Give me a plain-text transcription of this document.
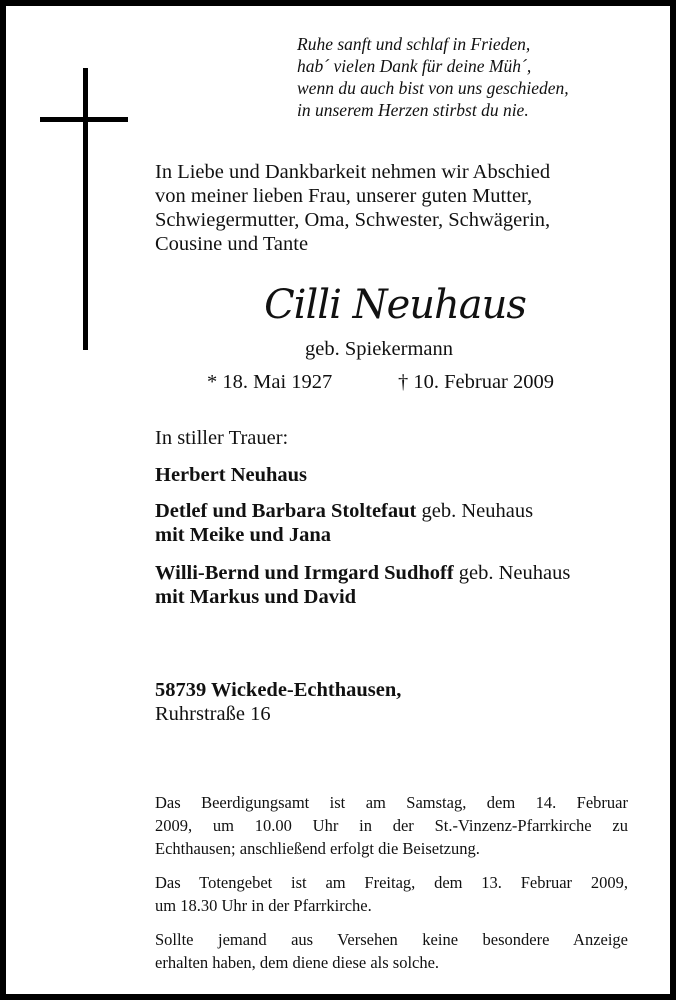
Ruhe sanft und schlaf in Frieden,
hab´ vielen Dank für deine Müh´,
wenn du auch bist von uns geschieden,
in unserem Herzen stirbst du nie.
In Liebe und Dankbarkeit nehmen wir Abschied
von meiner lieben Frau, unserer guten Mutter,
Schwiegermutter, Oma, Schwester, Schwägerin,
Cousine und Tante
Cilli Neuhaus
geb. Spiekermann
* 18. Mai 1927	† 10. Februar 2009
In stiller Trauer:
Herbert Neuhaus
Detlef und Barbara Stoltefaut geb. Neuhaus
mit Meike und Jana
Willi-Bernd und Irmgard Sudhoff geb. Neuhaus
mit Markus und David
58739 Wickede-Echthausen,
Ruhrstraße 16
Das Beerdigungsamt ist am Samstag, dem 14. Februar
2009, um 10.00 Uhr in der St.-Vinzenz-Pfarrkirche zu
Echthausen; anschließend erfolgt die Beisetzung.
Das Totengebet ist am Freitag, dem 13. Februar 2009,
um 18.30 Uhr in der Pfarrkirche.
Sollte jemand aus Versehen keine besondere Anzeige
erhalten haben, dem diene diese als solche.
